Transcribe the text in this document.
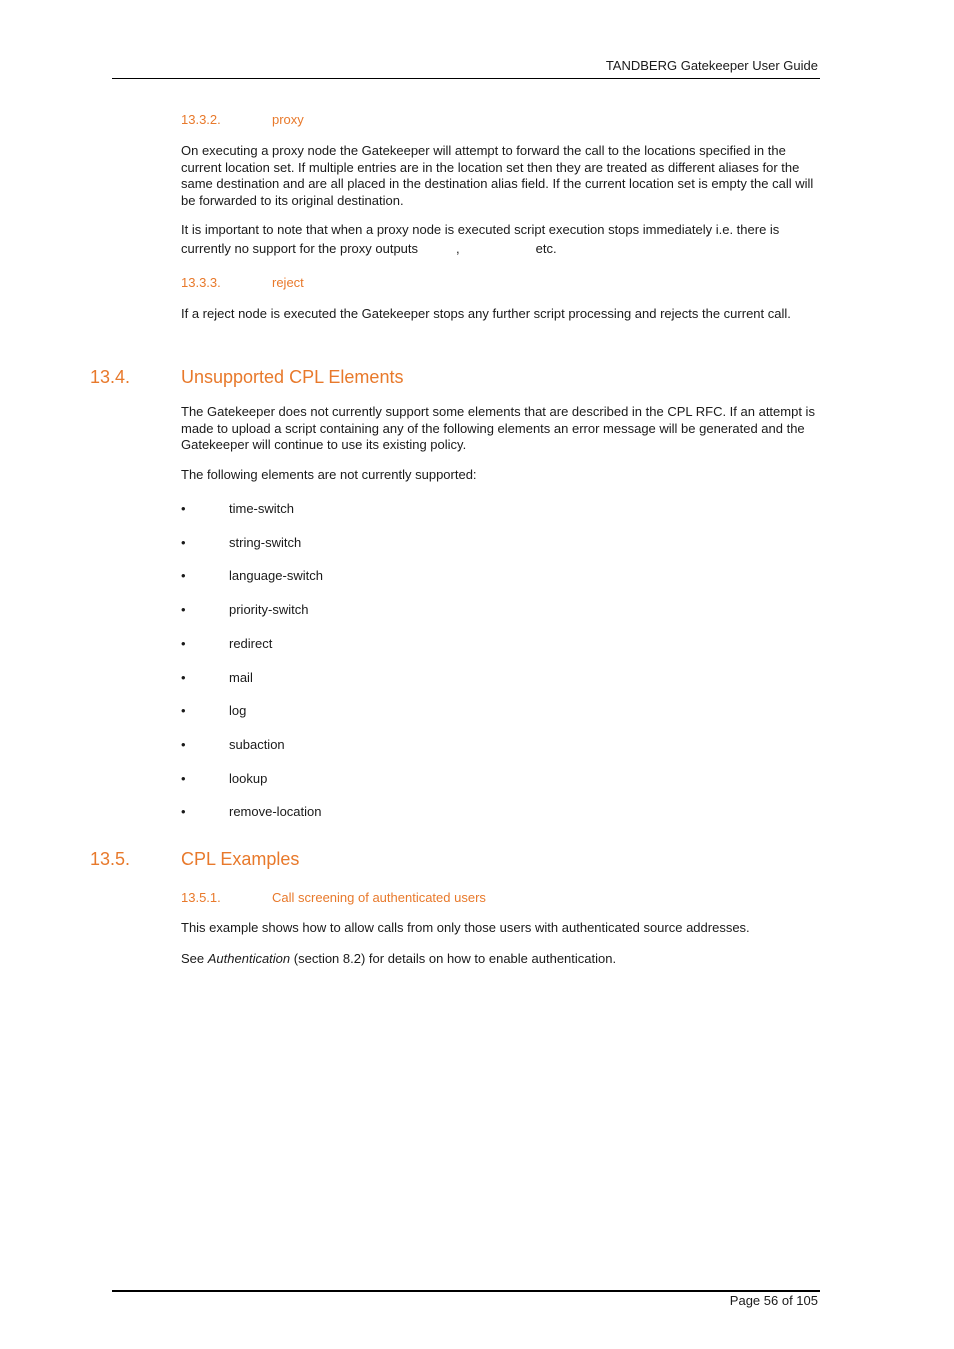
TANDBERG Gatekeeper User Guide
13.3.2.	proxy

On executing a proxy node the Gatekeeper will attempt to forward the call to the locations specified in the current location set. If multiple entries are in the location set then they are treated as different aliases for the same destination and are all placed in the destination alias field. If the current location set is empty the call will be forwarded to its original destination.

It is important to note that when a proxy node is executed script execution stops immediately i.e. there is
currently no support for the proxy outputs	,	etc.
13.3.3.	reject

If a reject node is executed the Gatekeeper stops any further script processing and rejects the current call.

13.4.	Unsupported CPL Elements

The Gatekeeper does not currently support some elements that are described in the CPL RFC. If an attempt is made to upload a script containing any of the following elements an error message will be generated and the Gatekeeper will continue to use its existing policy.

The following elements are not currently supported:

•	time-switch
•	string-switch
•	language-switch
•	priority-switch
•	redirect
•	mail
•	log
•	subaction
•	lookup
•	remove-location
13.5.	CPL Examples
13.5.1.	Call screening of authenticated users

This example shows how to allow calls from only those users with authenticated source addresses.

See Authentication (section 8.2) for details on how to enable authentication.

Page 56 of 105
